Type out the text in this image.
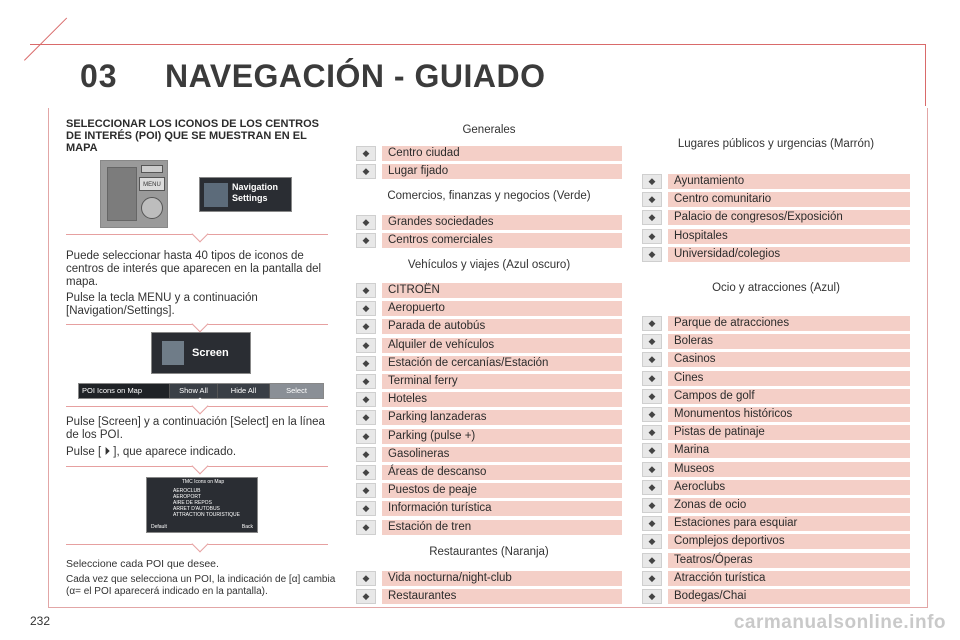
03 NAVEGACIÓN - GUIADO
SELECCIONAR LOS ICONOS DE LOS CENTROS DE INTERÉS (POI) QUE SE MUESTRAN EN EL MAPA
MENU	Navigation
Settings
Puede seleccionar hasta 40 tipos de iconos de centros de interés que aparecen en la pantalla del mapa.
Pulse la tecla MENU y a continuación [Navigation/Settings].
Screen
POI Icons on Map	Show All	Hide All	Select
Pulse [Screen] y a continuación [Select] en la línea de los POI.
Pulse [ ⏵ ], que aparece indicado.
TMC Icons on Map
AEROCLUB
AEROPORT
AIRE DE REPOS
ARRET D'AUTOBUS
ATTRACTION TOURISTIQUE
Default	Back
Seleccione cada POI que desee.
Cada vez que selecciona un POI, la indicación de [α] cambia (α= el POI aparecerá indicado en la pantalla).
Generales
◆	Centro ciudad
◆	Lugar fijado
Comercios, finanzas y negocios (Verde)
◆	Grandes sociedades
◆	Centros comerciales
Vehículos y viajes (Azul oscuro)
◆	CITROËN
◆	Aeropuerto
◆	Parada de autobús
◆	Alquiler de vehículos
◆	Estación de cercanías/Estación
◆	Terminal ferry
◆	Hoteles
◆	Parking lanzaderas
◆	Parking (pulse +)
◆	Gasolineras
◆	Áreas de descanso
◆	Puestos de peaje
◆	Información turística
◆	Estación de tren
Restaurantes (Naranja)
◆	Vida nocturna/night-club
◆	Restaurantes
Lugares públicos y urgencias (Marrón)
◆	Ayuntamiento
◆	Centro comunitario
◆	Palacio de congresos/Exposición
◆	Hospitales
◆	Universidad/colegios
Ocio y atracciones (Azul)
◆	Parque de atracciones
◆	Boleras
◆	Casinos
◆	Cines
◆	Campos de golf
◆	Monumentos históricos
◆	Pistas de patinaje
◆	Marina
◆	Museos
◆	Aeroclubs
◆	Zonas de ocio
◆	Estaciones para esquiar
◆	Complejos deportivos
◆	Teatros/Óperas
◆	Atracción turística
◆	Bodegas/Chai
232	carmanualsonline.info
